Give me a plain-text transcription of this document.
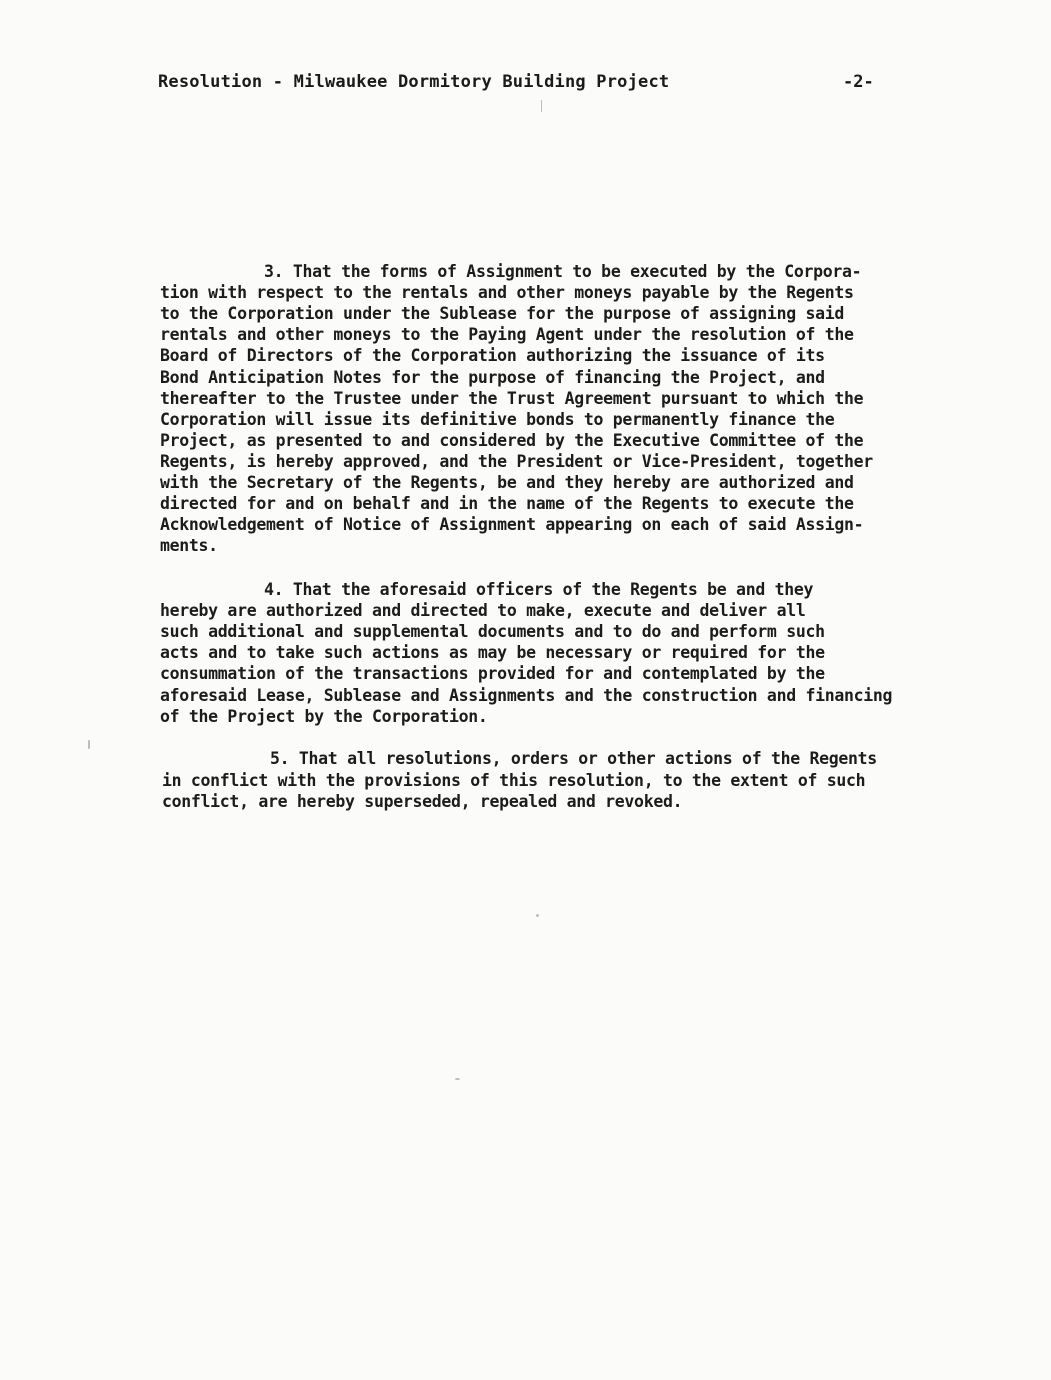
Resolution - Milwaukee Dormitory Building Project	-2-
3. That the forms of Assignment to be executed by the Corpora-
tion with respect to the rentals and other moneys payable by the Regents
to the Corporation under the Sublease for the purpose of assigning said
rentals and other moneys to the Paying Agent under the resolution of the
Board of Directors of the Corporation authorizing the issuance of its
Bond Anticipation Notes for the purpose of financing the Project, and
thereafter to the Trustee under the Trust Agreement pursuant to which the
Corporation will issue its definitive bonds to permanently finance the
Project, as presented to and considered by the Executive Committee of the
Regents, is hereby approved, and the President or Vice-President, together
with the Secretary of the Regents, be and they hereby are authorized and
directed for and on behalf and in the name of the Regents to execute the
Acknowledgement of Notice of Assignment appearing on each of said Assign-
ments.
4. That the aforesaid officers of the Regents be and they
hereby are authorized and directed to make, execute and deliver all
such additional and supplemental documents and to do and perform such
acts and to take such actions as may be necessary or required for the
consummation of the transactions provided for and contemplated by the
aforesaid Lease, Sublease and Assignments and the construction and financing
of the Project by the Corporation.
5. That all resolutions, orders or other actions of the Regents
in conflict with the provisions of this resolution, to the extent of such
conflict, are hereby superseded, repealed and revoked.
